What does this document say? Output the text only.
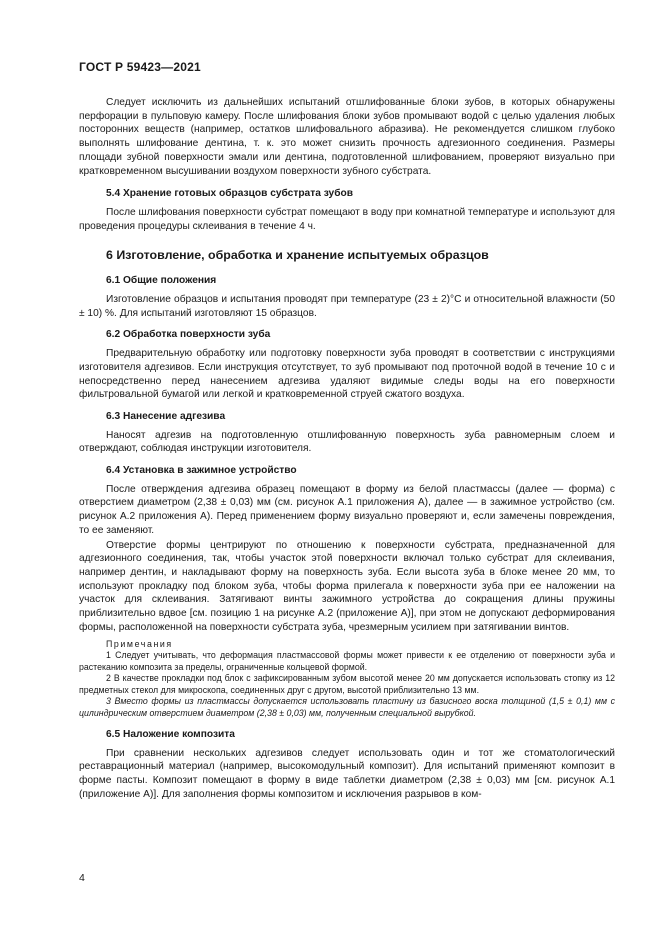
ГОСТ Р 59423—2021

Следует исключить из дальнейших испытаний отшлифованные блоки зубов, в которых обнаружены перфорации в пульповую камеру. После шлифования блоки зубов промывают водой с целью удаления любых посторонних веществ (например, остатков шлифовального абразива). Не рекомендуется слишком глубоко выполнять шлифование дентина, т. к. это может снизить прочность адгезионного соединения. Размеры площади зубной поверхности эмали или дентина, подготовленной шлифованием, проверяют визуально при кратковременном высушивании воздухом поверхности зубного субстрата.

5.4 Хранение готовых образцов субстрата зубов

После шлифования поверхности субстрат помещают в воду при комнатной температуре и используют для проведения процедуры склеивания в течение 4 ч.

6 Изготовление, обработка и хранение испытуемых образцов
6.1 Общие положения

Изготовление образцов и испытания проводят при температуре (23 ± 2)°С и относительной влажности (50 ± 10) %. Для испытаний изготовляют 15 образцов.

6.2 Обработка поверхности зуба

Предварительную обработку или подготовку поверхности зуба проводят в соответствии с инструкциями изготовителя адгезивов. Если инструкция отсутствует, то зуб промывают под проточной водой в течение 10 с и непосредственно перед нанесением адгезива удаляют видимые следы воды на его поверхности фильтровальной бумагой или легкой и кратковременной струей сжатого воздуха.

6.3 Нанесение адгезива

Наносят адгезив на подготовленную отшлифованную поверхность зуба равномерным слоем и отверждают, соблюдая инструкции изготовителя.

6.4 Установка в зажимное устройство

После отверждения адгезива образец помещают в форму из белой пластмассы (далее — форма) с отверстием диаметром (2,38 ± 0,03) мм (см. рисунок А.1 приложения А), далее — в зажимное устройство (см. рисунок А.2 приложения А). Перед применением форму визуально проверяют и, если замечены повреждения, то ее заменяют.

Отверстие формы центрируют по отношению к поверхности субстрата, предназначенной для адгезионного соединения, так, чтобы участок этой поверхности включал только субстрат для склеивания, например дентин, и накладывают форму на поверхность зуба. Если высота зуба в блоке менее 20 мм, то используют прокладку под блоком зуба, чтобы форма прилегала к поверхности зуба при ее наложении на участок для склеивания. Затягивают винты зажимного устройства до сокращения длины пружины приблизительно вдвое [см. позицию 1 на рисунке А.2 (приложение А)], при этом не допускают деформирования формы, расположенной на поверхности субстрата зуба, чрезмерным усилием при затягивании винтов.

Примечания
1 Следует учитывать, что деформация пластмассовой формы может привести к ее отделению от поверхности зуба и растеканию композита за пределы, ограниченные кольцевой формой.
2 В качестве прокладки под блок с зафиксированным зубом высотой менее 20 мм допускается использовать стопку из 12 предметных стекол для микроскопа, соединенных друг с другом, высотой приблизительно 13 мм.
3 Вместо формы из пластмассы допускается использовать пластину из базисного воска толщиной (1,5 ± 0,1) мм с цилиндрическим отверстием диаметром (2,38 ± 0,03) мм, полученным специальной вырубкой.
6.5 Наложение композита

При сравнении нескольких адгезивов следует использовать один и тот же стоматологический реставрационный материал (например, высокомодульный композит). Для испытаний применяют композит в форме пасты. Композит помещают в форму в виде таблетки диаметром (2,38 ± 0,03) мм [см. рисунок А.1 (приложение А)]. Для заполнения формы композитом и исключения разрывов в ком-

4
